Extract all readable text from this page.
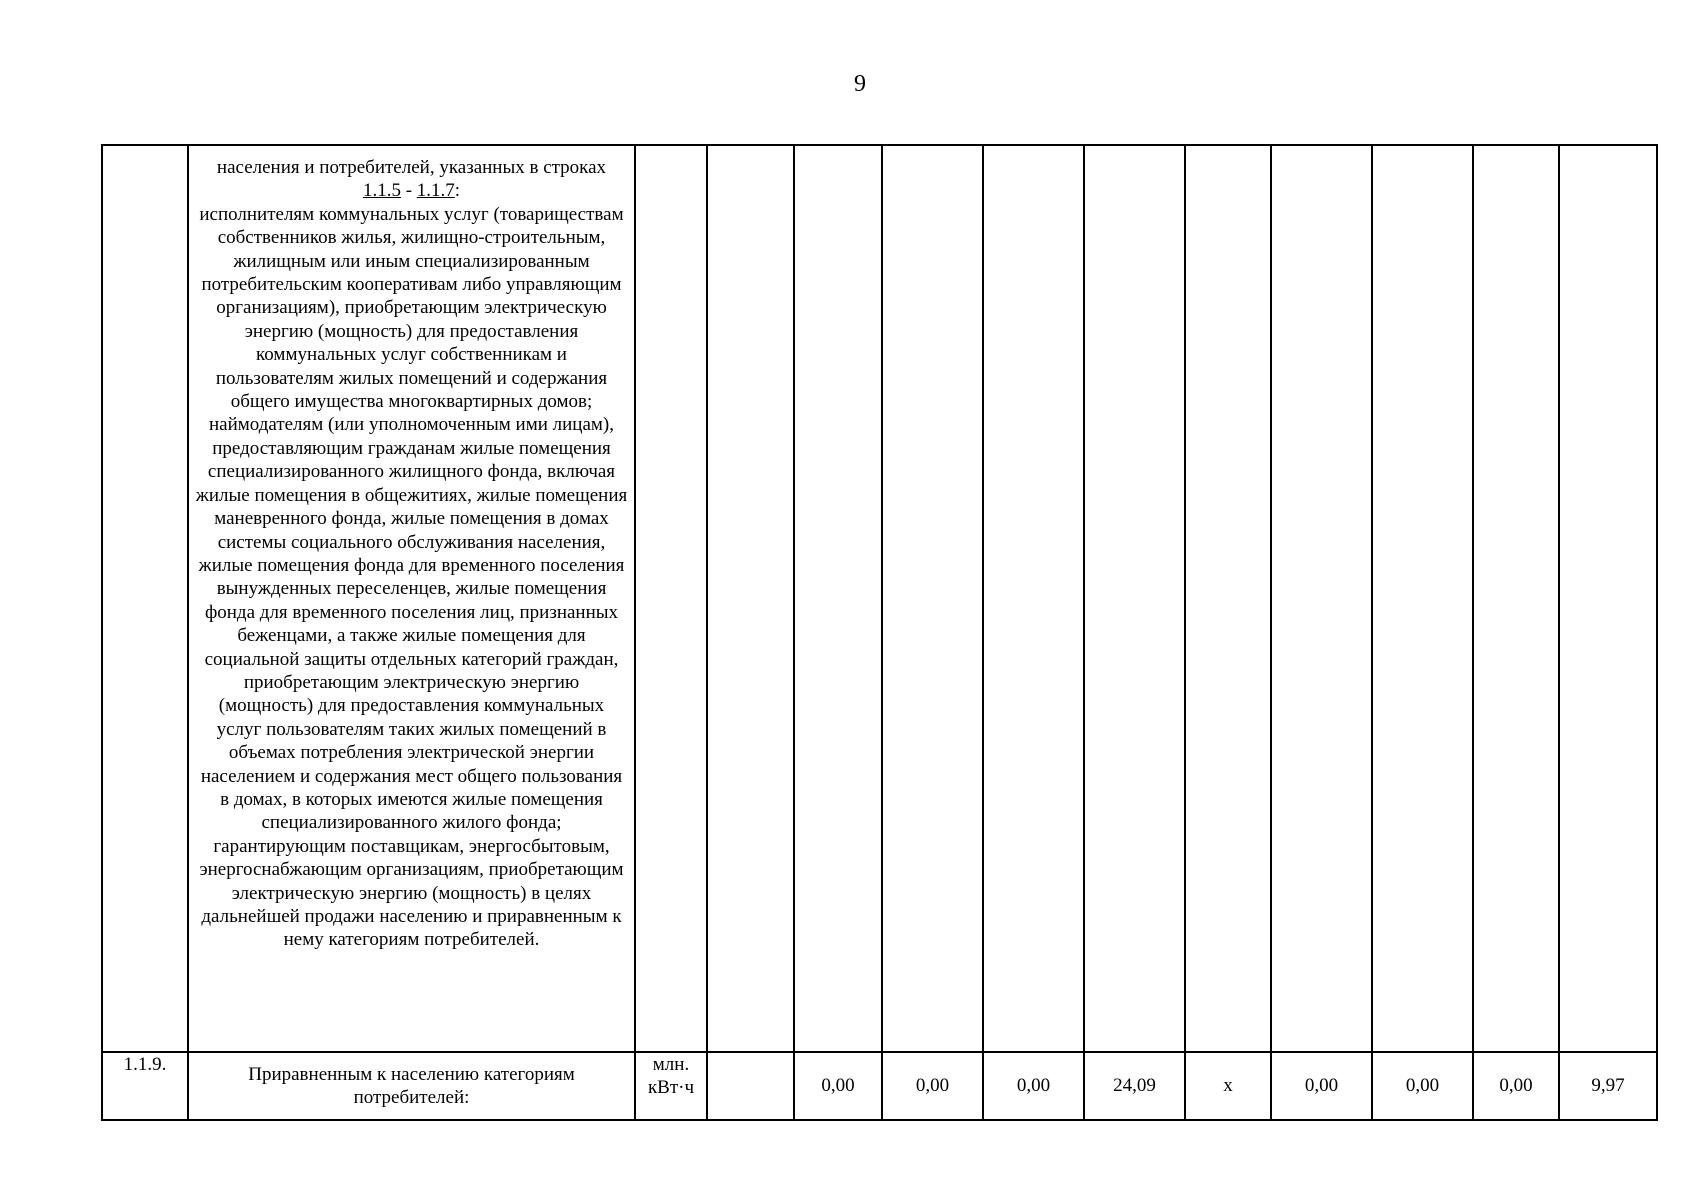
9

	населения и потребителей, указанных в строках
1.1.5 - 1.1.7:
исполнителям коммунальных услуг (товариществам собственников жилья, жилищно-строительным, жилищным или иным специализированным потребительским кооперативам либо управляющим организациям), приобретающим электрическую энергию (мощность) для предоставления коммунальных услуг собственникам и пользователям жилых помещений и содержания общего имущества многоквартирных домов; наймодателям (или уполномоченным ими лицам), предоставляющим гражданам жилые помещения специализированного жилищного фонда, включая жилые помещения в общежитиях, жилые помещения маневренного фонда, жилые помещения в домах системы социального обслуживания населения, жилые помещения фонда для временного поселения вынужденных переселенцев, жилые помещения фонда для временного поселения лиц, признанных беженцами, а также жилые помещения для социальной защиты отдельных категорий граждан, приобретающим электрическую энергию (мощность) для предоставления коммунальных услуг пользователям таких жилых помещений в объемах потребления электрической энергии населением и содержания мест общего пользования в домах, в которых имеются жилые помещения специализированного жилого фонда; гарантирующим поставщикам, энергосбытовым, энергоснабжающим организациям, приобретающим электрическую энергию (мощность) в целях дальнейшей продажи населению и приравненным к нему категориям потребителей.											

1.1.9.	Приравненным к населению категориям потребителей:	млн. кВт·ч		0,00	0,00	0,00	24,09	х	0,00	0,00	0,00	9,97
